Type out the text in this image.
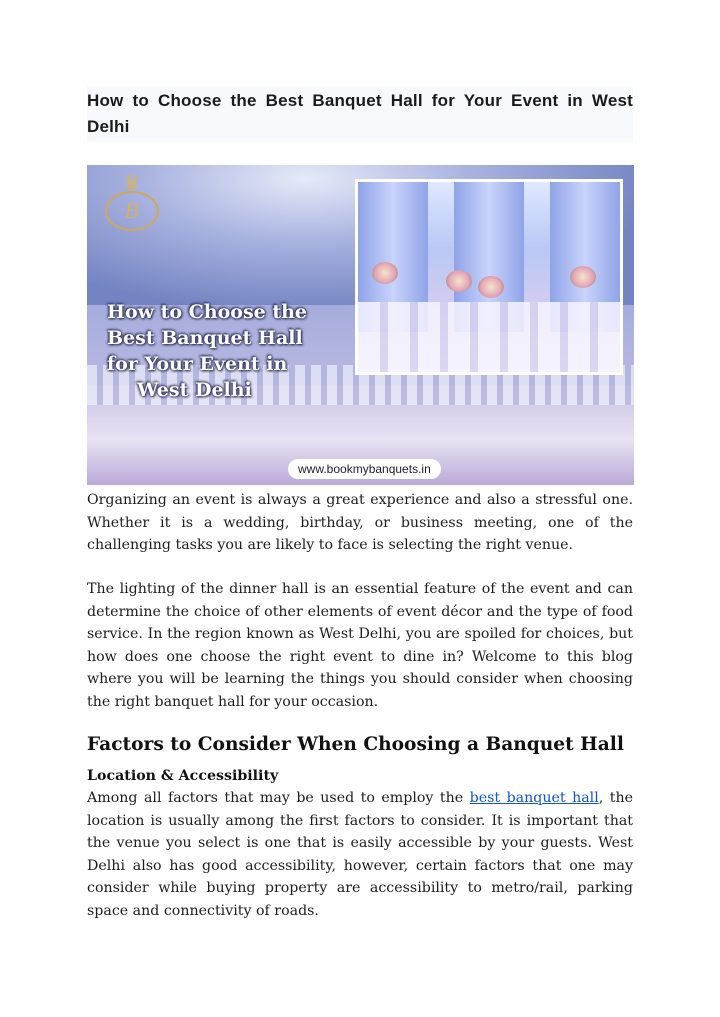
How to Choose the Best Banquet Hall for Your Event in West Delhi
♛
B
How to Choose the
Best Banquet Hall
for Your Event in

West Delhi
www.bookmybanquets.in

Organizing an event is always a great experience and also a stressful one. Whether it is a wedding, birthday, or business meeting, one of the challenging tasks you are likely to face is selecting the right venue.

The lighting of the dinner hall is an essential feature of the event and can determine the choice of other elements of event décor and the type of food service. In the region known as West Delhi, you are spoiled for choices, but how does one choose the right event to dine in? Welcome to this blog where you will be learning the things you should consider when choosing the right banquet hall for your occasion.

Factors to Consider When Choosing a Banquet Hall
Location & Accessibility

Among all factors that may be used to employ the best banquet hall, the location is usually among the first factors to consider. It is important that the venue you select is one that is easily accessible by your guests. West Delhi also has good accessibility, however, certain factors that one may consider while buying property are accessibility to metro/rail, parking space and connectivity of roads.
